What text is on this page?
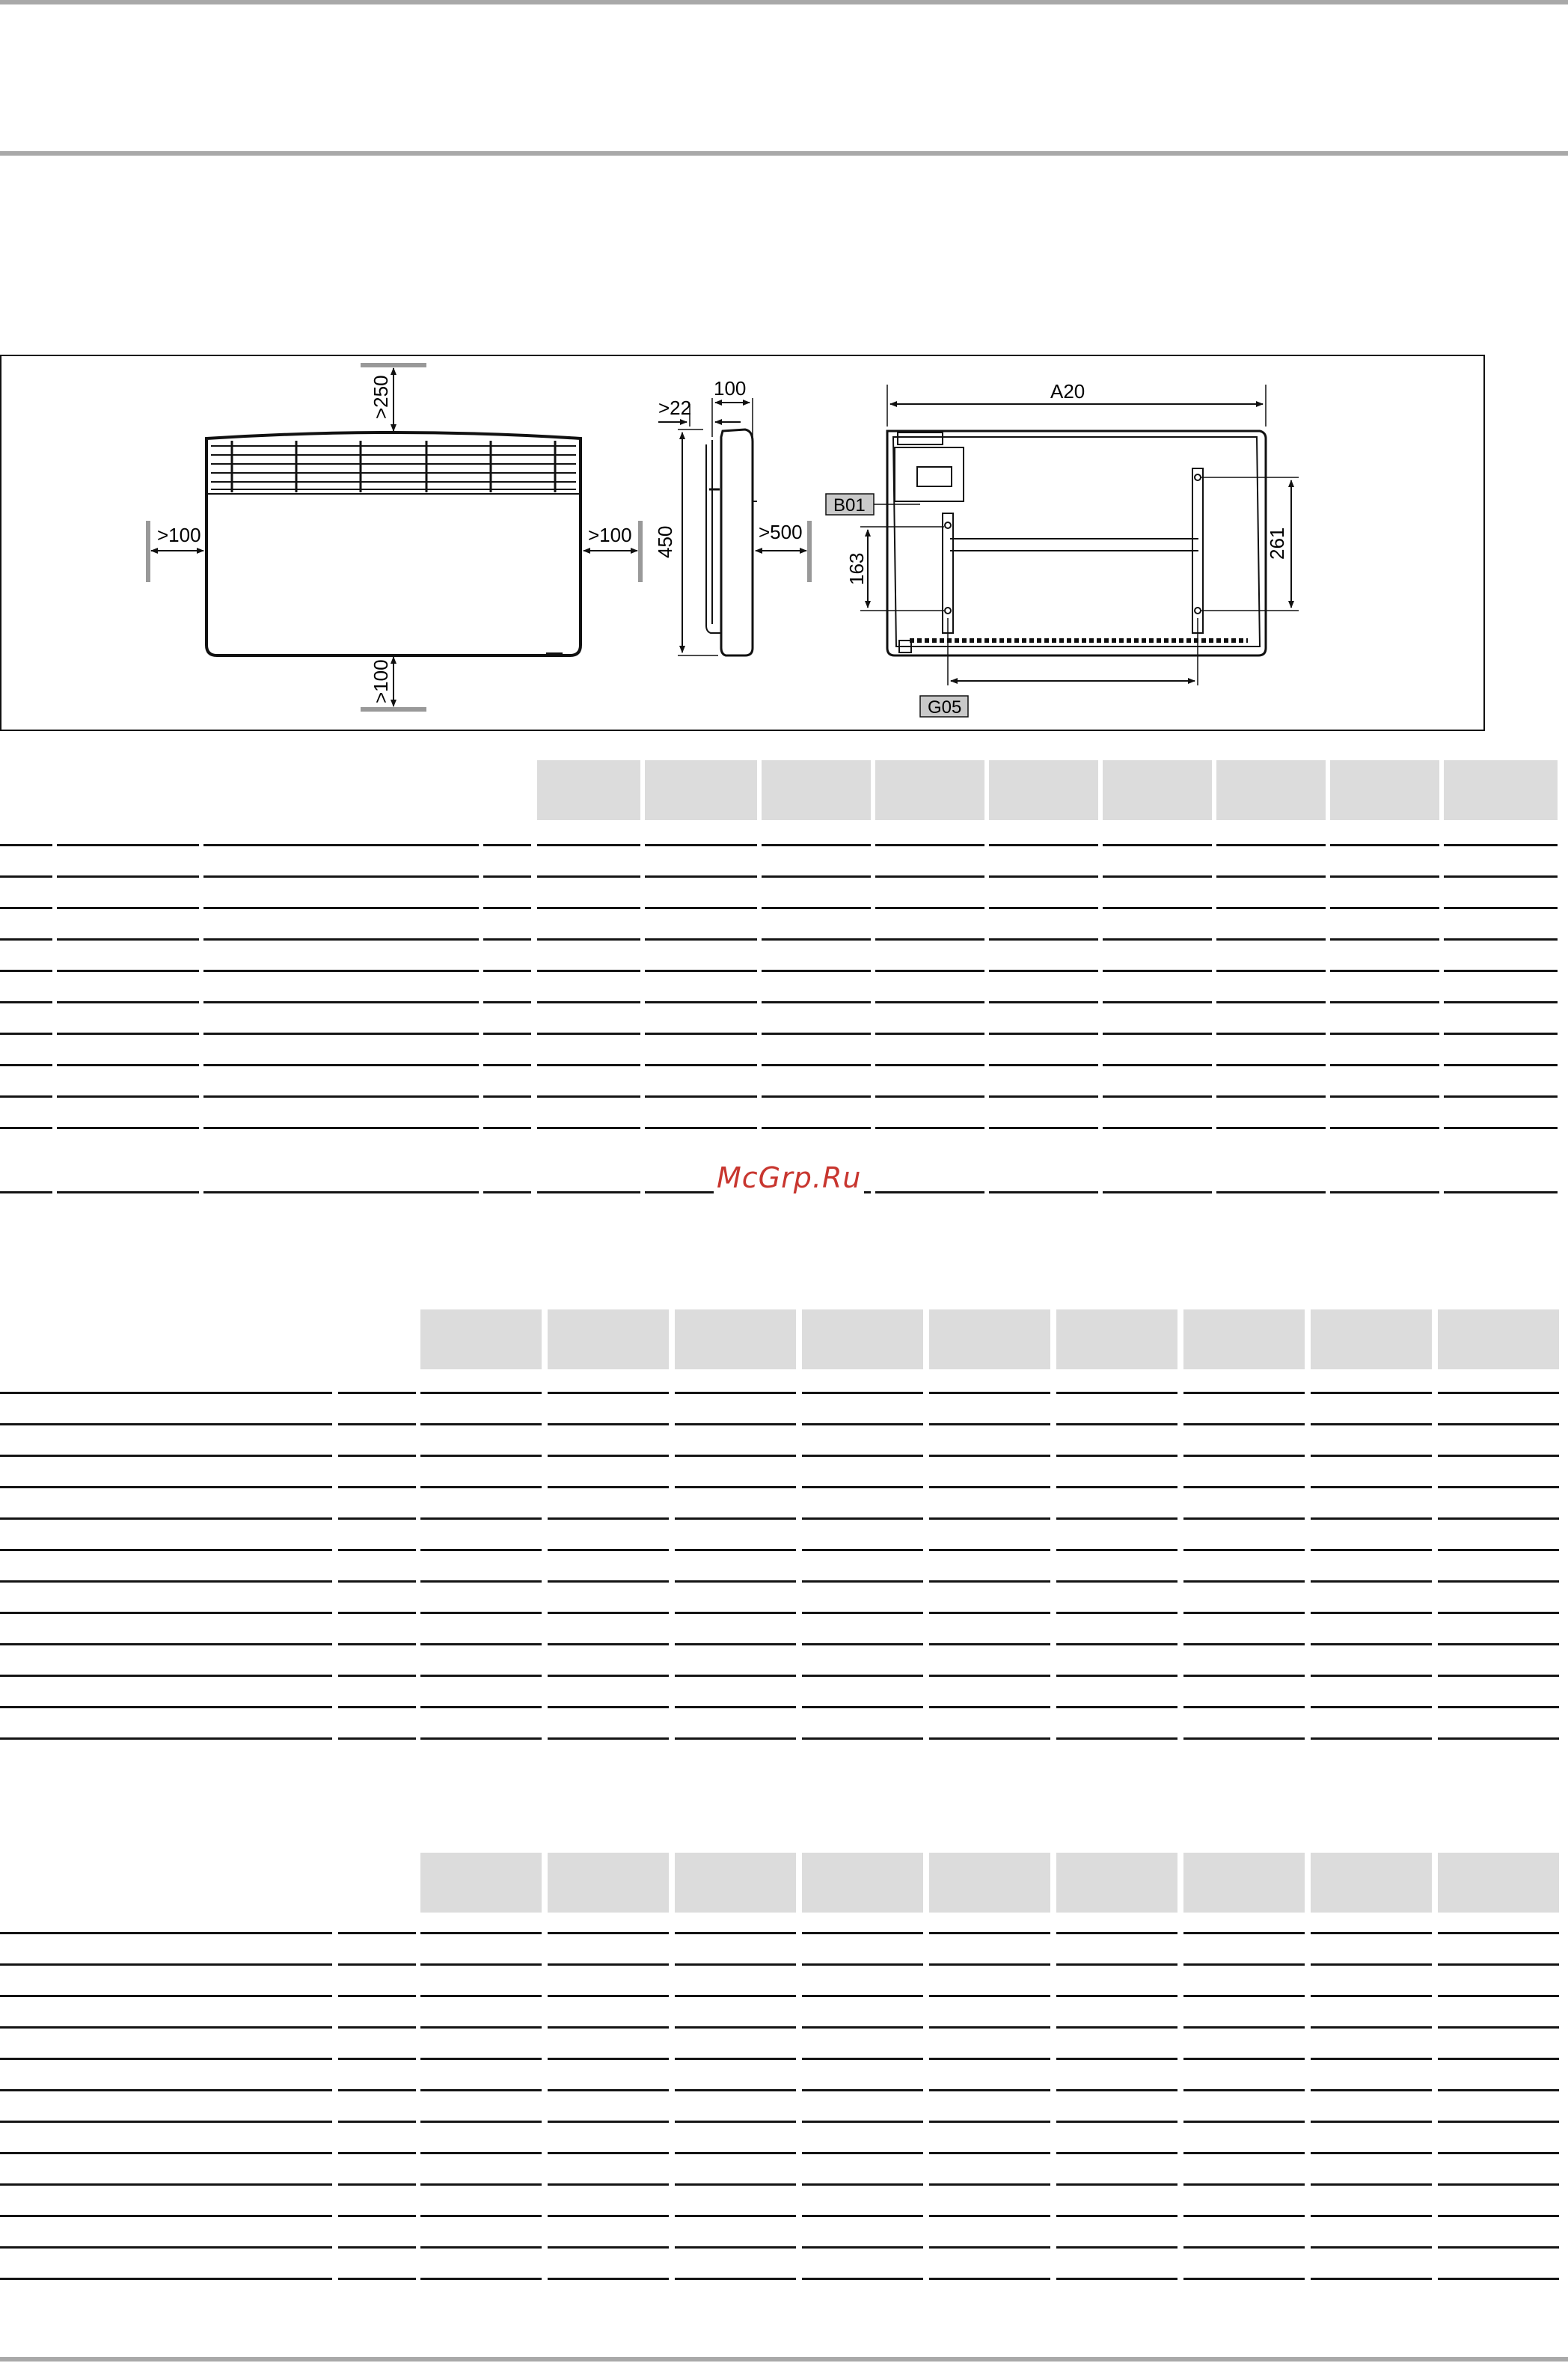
>250
>100	>100
>100
450
>22
100
>500
A20
B01
163
261
G05
McGrp.Ru
